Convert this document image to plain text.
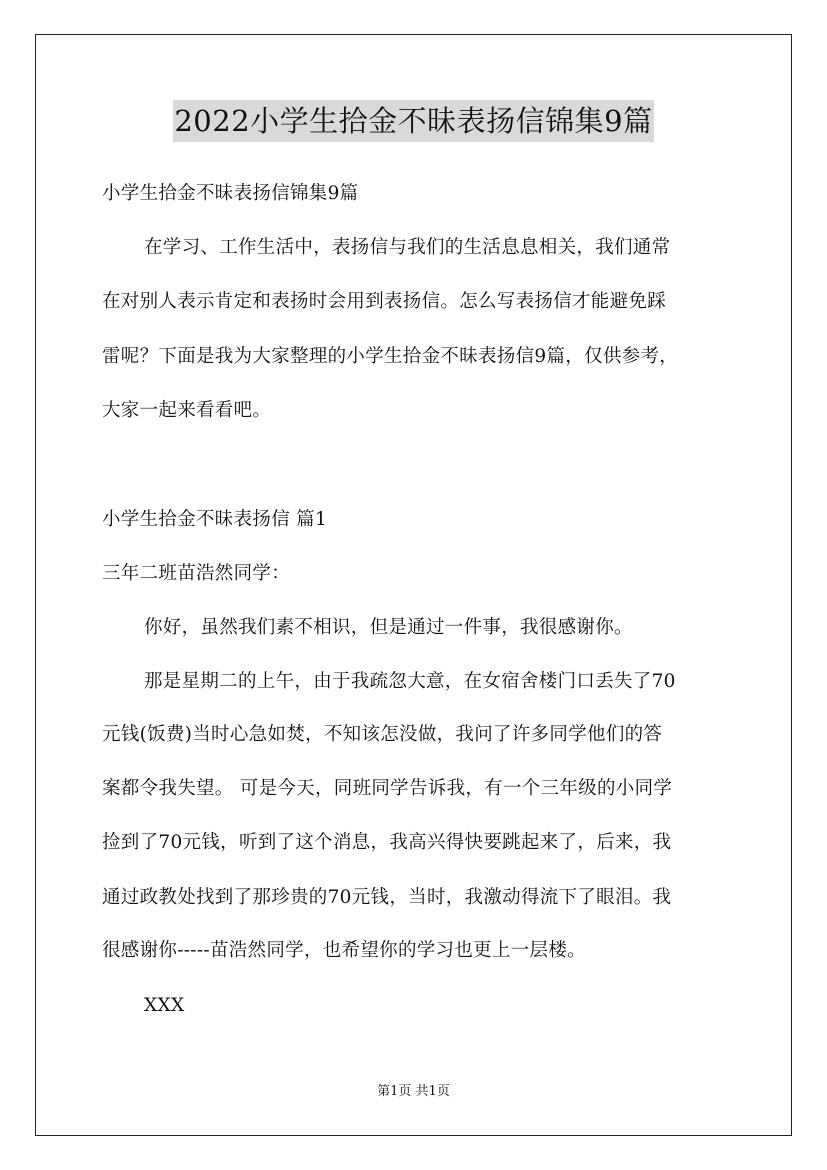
2022小学生拾金不昧表扬信锦集9篇

小学生拾金不昧表扬信锦集9篇

在学习、工作生活中，表扬信与我们的生活息息相关，我们通常

在对别人表示肯定和表扬时会用到表扬信。怎么写表扬信才能避免踩

雷呢？下面是我为大家整理的小学生拾金不昧表扬信9篇，仅供参考，

大家一起来看看吧。

小学生拾金不昧表扬信 篇1

三年二班苗浩然同学：

你好，虽然我们素不相识，但是通过一件事，我很感谢你。

那是星期二的上午，由于我疏忽大意，在女宿舍楼门口丢失了70

元钱(饭费)当时心急如焚，不知该怎没做，我问了许多同学他们的答

案都令我失望。 可是今天，同班同学告诉我，有一个三年级的小同学

捡到了70元钱，听到了这个消息，我高兴得快要跳起来了，后来，我

通过政教处找到了那珍贵的70元钱，当时，我激动得流下了眼泪。我

很感谢你-----苗浩然同学，也希望你的学习也更上一层楼。

XXX

第1页 共1页
